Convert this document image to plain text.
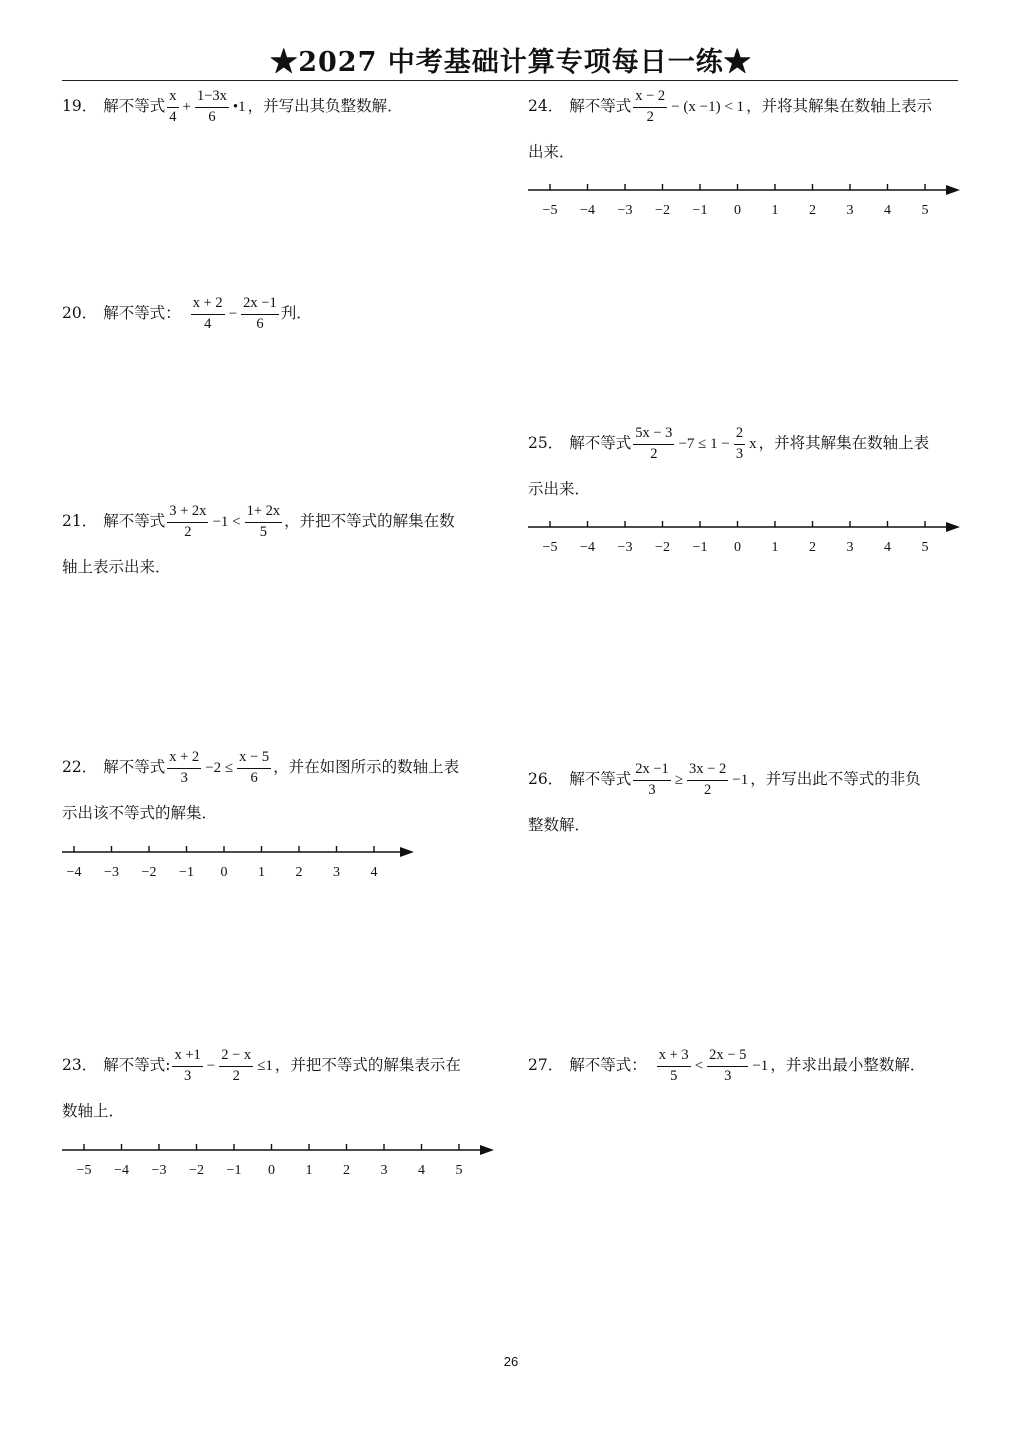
★2027 中考基础计算专项每日一练★
19． 解不等式 $\frac{x}{4} + \frac{1-3x}{6}$ •1 ，并写出其负整数解．
20． 解不等式： $\frac{x + 2}{4} - \frac{2x -1}{6}$ 刋 ．
21． 解不等式 $\frac{3 + 2x}{2} -1 < \frac{1+ 2x}{5}$ ，并把不等式的解集在数
轴上表示出来．
22． 解不等式 $\frac{x + 2}{3} -2 \le \frac{x - 5}{6}$ ，并在如图所示的数轴上表
示出该不等式的解集．
−4 −3 −2 −1 0 1 2 3 4
23． 解不等式: $\frac{x +1}{3} - \frac{2 - x}{2} \le 1$ ，并把不等式的解集表示在
数轴上．
−5 −4 −3 −2 −1 0 1 2 3 4 5
24． 解不等式 $\frac{x - 2}{2} - (x -1) < 1$ ，并将其解集在数轴上表示
出来．
−5 −4 −3 −2 −1 0 1 2 3 4 5
25． 解不等式 $\frac{5x - 3}{2} -7 \le 1 - \frac{2}{3}$ x ，并将其解集在数轴上表
示出来．
−5 −4 −3 −2 −1 0 1 2 3 4 5
26． 解不等式 $\frac{2x -1}{3} \ge \frac{3x - 2}{2} -1$ ，并写出此不等式的非负
整数解．
27． 解不等式： $\frac{x + 3}{5} < \frac{2x - 5}{3} -1$ ，并求出最小整数解．
26
